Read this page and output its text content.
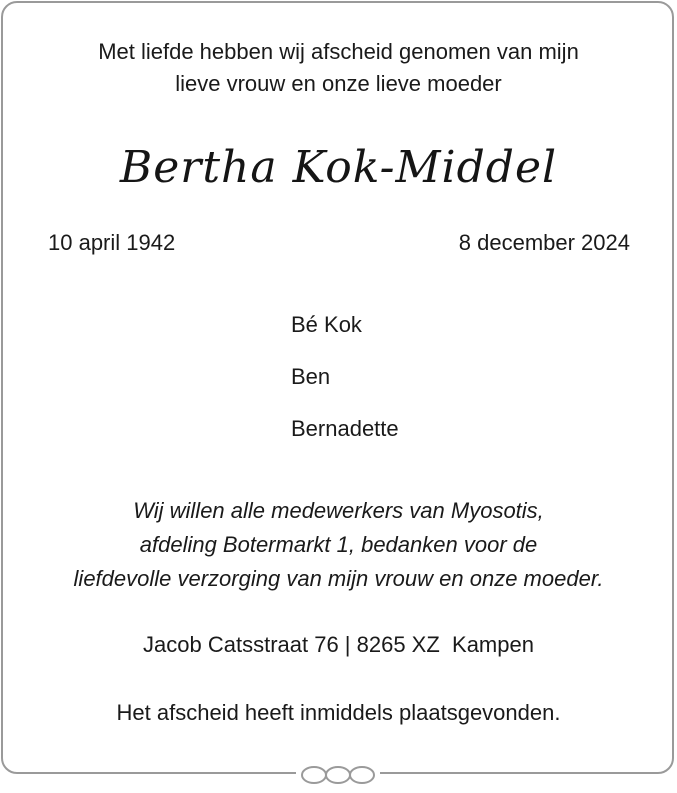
Met liefde hebben wij afscheid genomen van mijn
lieve vrouw en onze lieve moeder
Bertha Kok-Middel
10 april 1942	8 december 2024
Bé Kok
Ben
Bernadette
Wij willen alle medewerkers van Myosotis,
afdeling Botermarkt 1, bedanken voor de
liefdevolle verzorging van mijn vrouw en onze moeder.
Jacob Catsstraat 76 | 8265 XZ  Kampen
Het afscheid heeft inmiddels plaatsgevonden.
